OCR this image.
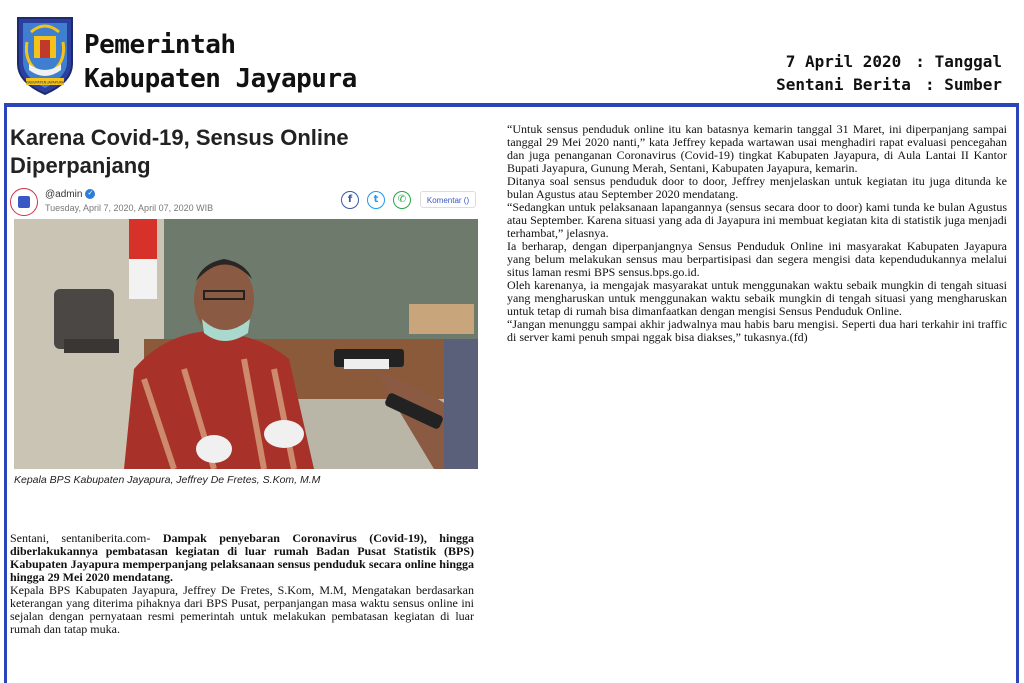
KABUPATEN JAYAPURA
Pemerintah
Kabupaten Jayapura
7 April 2020 : Tanggal
Sentani Berita : Sumber
Karena Covid-19, Sensus Online Diperpanjang
@admin ✓
Tuesday, April 7, 2020, April 07, 2020 WIB
f	t	✆	Komentar ()
Kepala BPS Kabupaten Jayapura, Jeffrey De Fretes, S.Kom, M.M

Sentani, sentaniberita.com- Dampak penyebaran Coronavirus (Covid-19), hingga diberlakukannya pembatasan kegiatan di luar rumah Badan Pusat Statistik (BPS) Kabupaten Jayapura memperpanjang pelaksanaan sensus penduduk secara online hingga hingga 29 Mei 2020 mendatang.

Kepala BPS Kabupaten Jayapura, Jeffrey De Fretes, S.Kom, M.M, Mengatakan berdasarkan keterangan yang diterima pihaknya dari BPS Pusat, perpanjangan masa waktu sensus online ini sejalan dengan pernyataan resmi pemerintah untuk melakukan pembatasan kegiatan di luar rumah dan tatap muka.

“Untuk sensus penduduk online itu kan batasnya kemarin tanggal 31 Maret, ini diperpanjang sampai tanggal 29 Mei 2020 nanti,” kata Jeffrey kepada wartawan usai menghadiri rapat evaluasi pencegahan dan juga penanganan Coronavirus (Covid-19) tingkat Kabupaten Jayapura, di Aula Lantai II Kantor Bupati Jayapura, Gunung Merah, Sentani, Kabupaten Jayapura, kemarin.

Ditanya soal sensus penduduk door to door, Jeffrey menjelaskan untuk kegiatan itu juga ditunda ke bulan Agustus atau September 2020 mendatang.

“Sedangkan untuk pelaksanaan lapangannya (sensus secara door to door) kami tunda ke bulan Agustus atau September. Karena situasi yang ada di Jayapura ini membuat kegiatan kita di statistik juga menjadi terhambat,” jelasnya.

Ia berharap, dengan diperpanjangnya Sensus Penduduk Online ini masyarakat Kabupaten Jayapura yang belum melakukan sensus mau berpartisipasi dan segera mengisi data kependudukannya melalui situs laman resmi BPS sensus.bps.go.id.

Oleh karenanya, ia mengajak masyarakat untuk menggunakan waktu sebaik mungkin di tengah situasi yang mengharuskan untuk menggunakan waktu sebaik mungkin di tengah situasi yang mengharuskan untuk tetap di rumah bisa dimanfaatkan dengan mengisi Sensus Penduduk Online.

“Jangan menunggu sampai akhir jadwalnya mau habis baru mengisi. Seperti dua hari terkahir ini traffic di server kami penuh smpai nggak bisa diakses,” tukasnya.(fd)
